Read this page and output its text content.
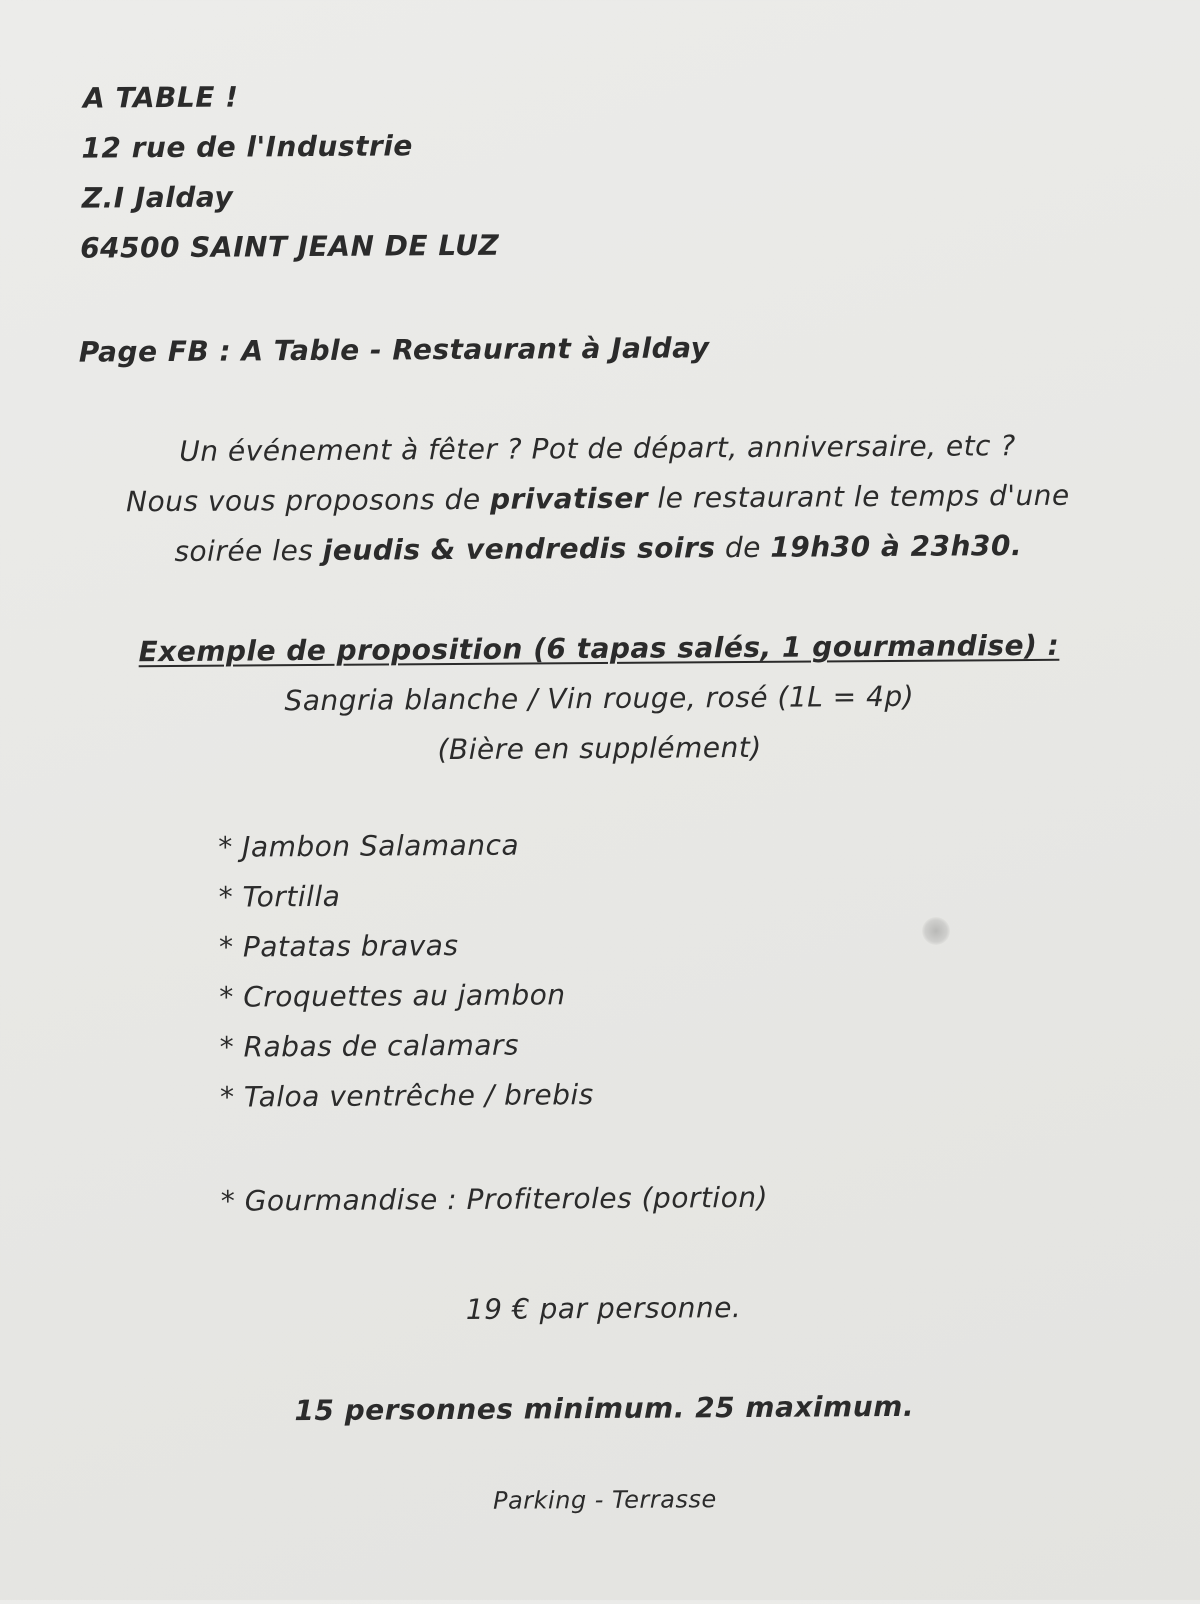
A TABLE !
12 rue de l'Industrie
Z.I Jalday
64500 SAINT JEAN DE LUZ
Page FB : A Table - Restaurant à Jalday
Un événement à fêter ? Pot de départ, anniversaire, etc ?
Nous vous proposons de privatiser le restaurant le temps d'une
soirée les jeudis & vendredis soirs de 19h30 à 23h30.
Exemple de proposition (6 tapas salés, 1 gourmandise) :
Sangria blanche / Vin rouge, rosé (1L = 4p)
(Bière en supplément)
* Jambon Salamanca
* Tortilla
* Patatas bravas
* Croquettes au jambon
* Rabas de calamars
* Taloa ventrêche / brebis
* Gourmandise : Profiteroles (portion)
19 € par personne.
15 personnes minimum. 25 maximum.
Parking - Terrasse
